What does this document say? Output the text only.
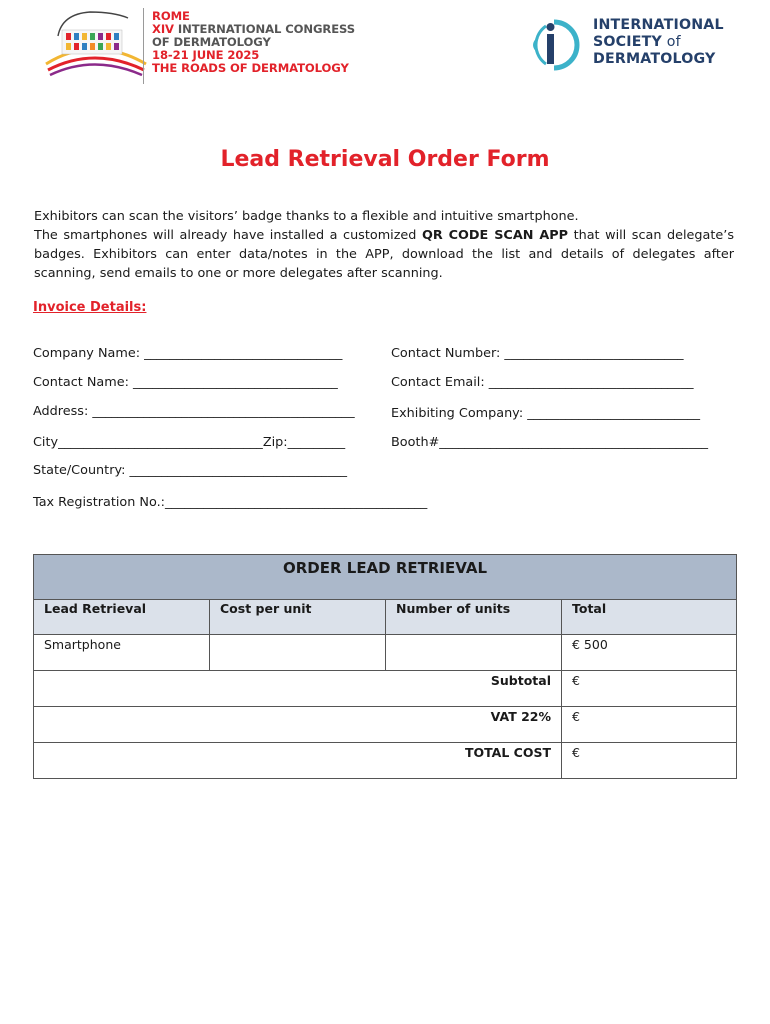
ROME
XIV INTERNATIONAL CONGRESS
OF DERMATOLOGY
18-21 JUNE 2025
THE ROADS OF DERMATOLOGY
INTERNATIONAL
SOCIETY of
DERMATOLOGY
Lead Retrieval Order Form

Exhibitors can scan the visitors’ badge thanks to a flexible and intuitive smartphone.
The smartphones will already have installed a customized QR CODE SCAN APP that will scan delegate’s badges. Exhibitors can enter data/notes in the APP, download the list and details of delegates after scanning, send emails to one or more delegates after scanning.

Invoice Details:
Company Name: _______________________________	Contact Number: ____________________________
Contact Name: ________________________________	Contact Email: ________________________________
Address: _________________________________________	Exhibiting Company: ___________________________
City________________________________Zip:_________	Booth#__________________________________________
State/Country: __________________________________
Tax Registration No.:_________________________________________
ORDER LEAD RETRIEVAL			
Lead Retrieval	Cost per unit	Number of units	Total
Smartphone			€ 500
Subtotal			€
VAT 22%			€
TOTAL COST			€
